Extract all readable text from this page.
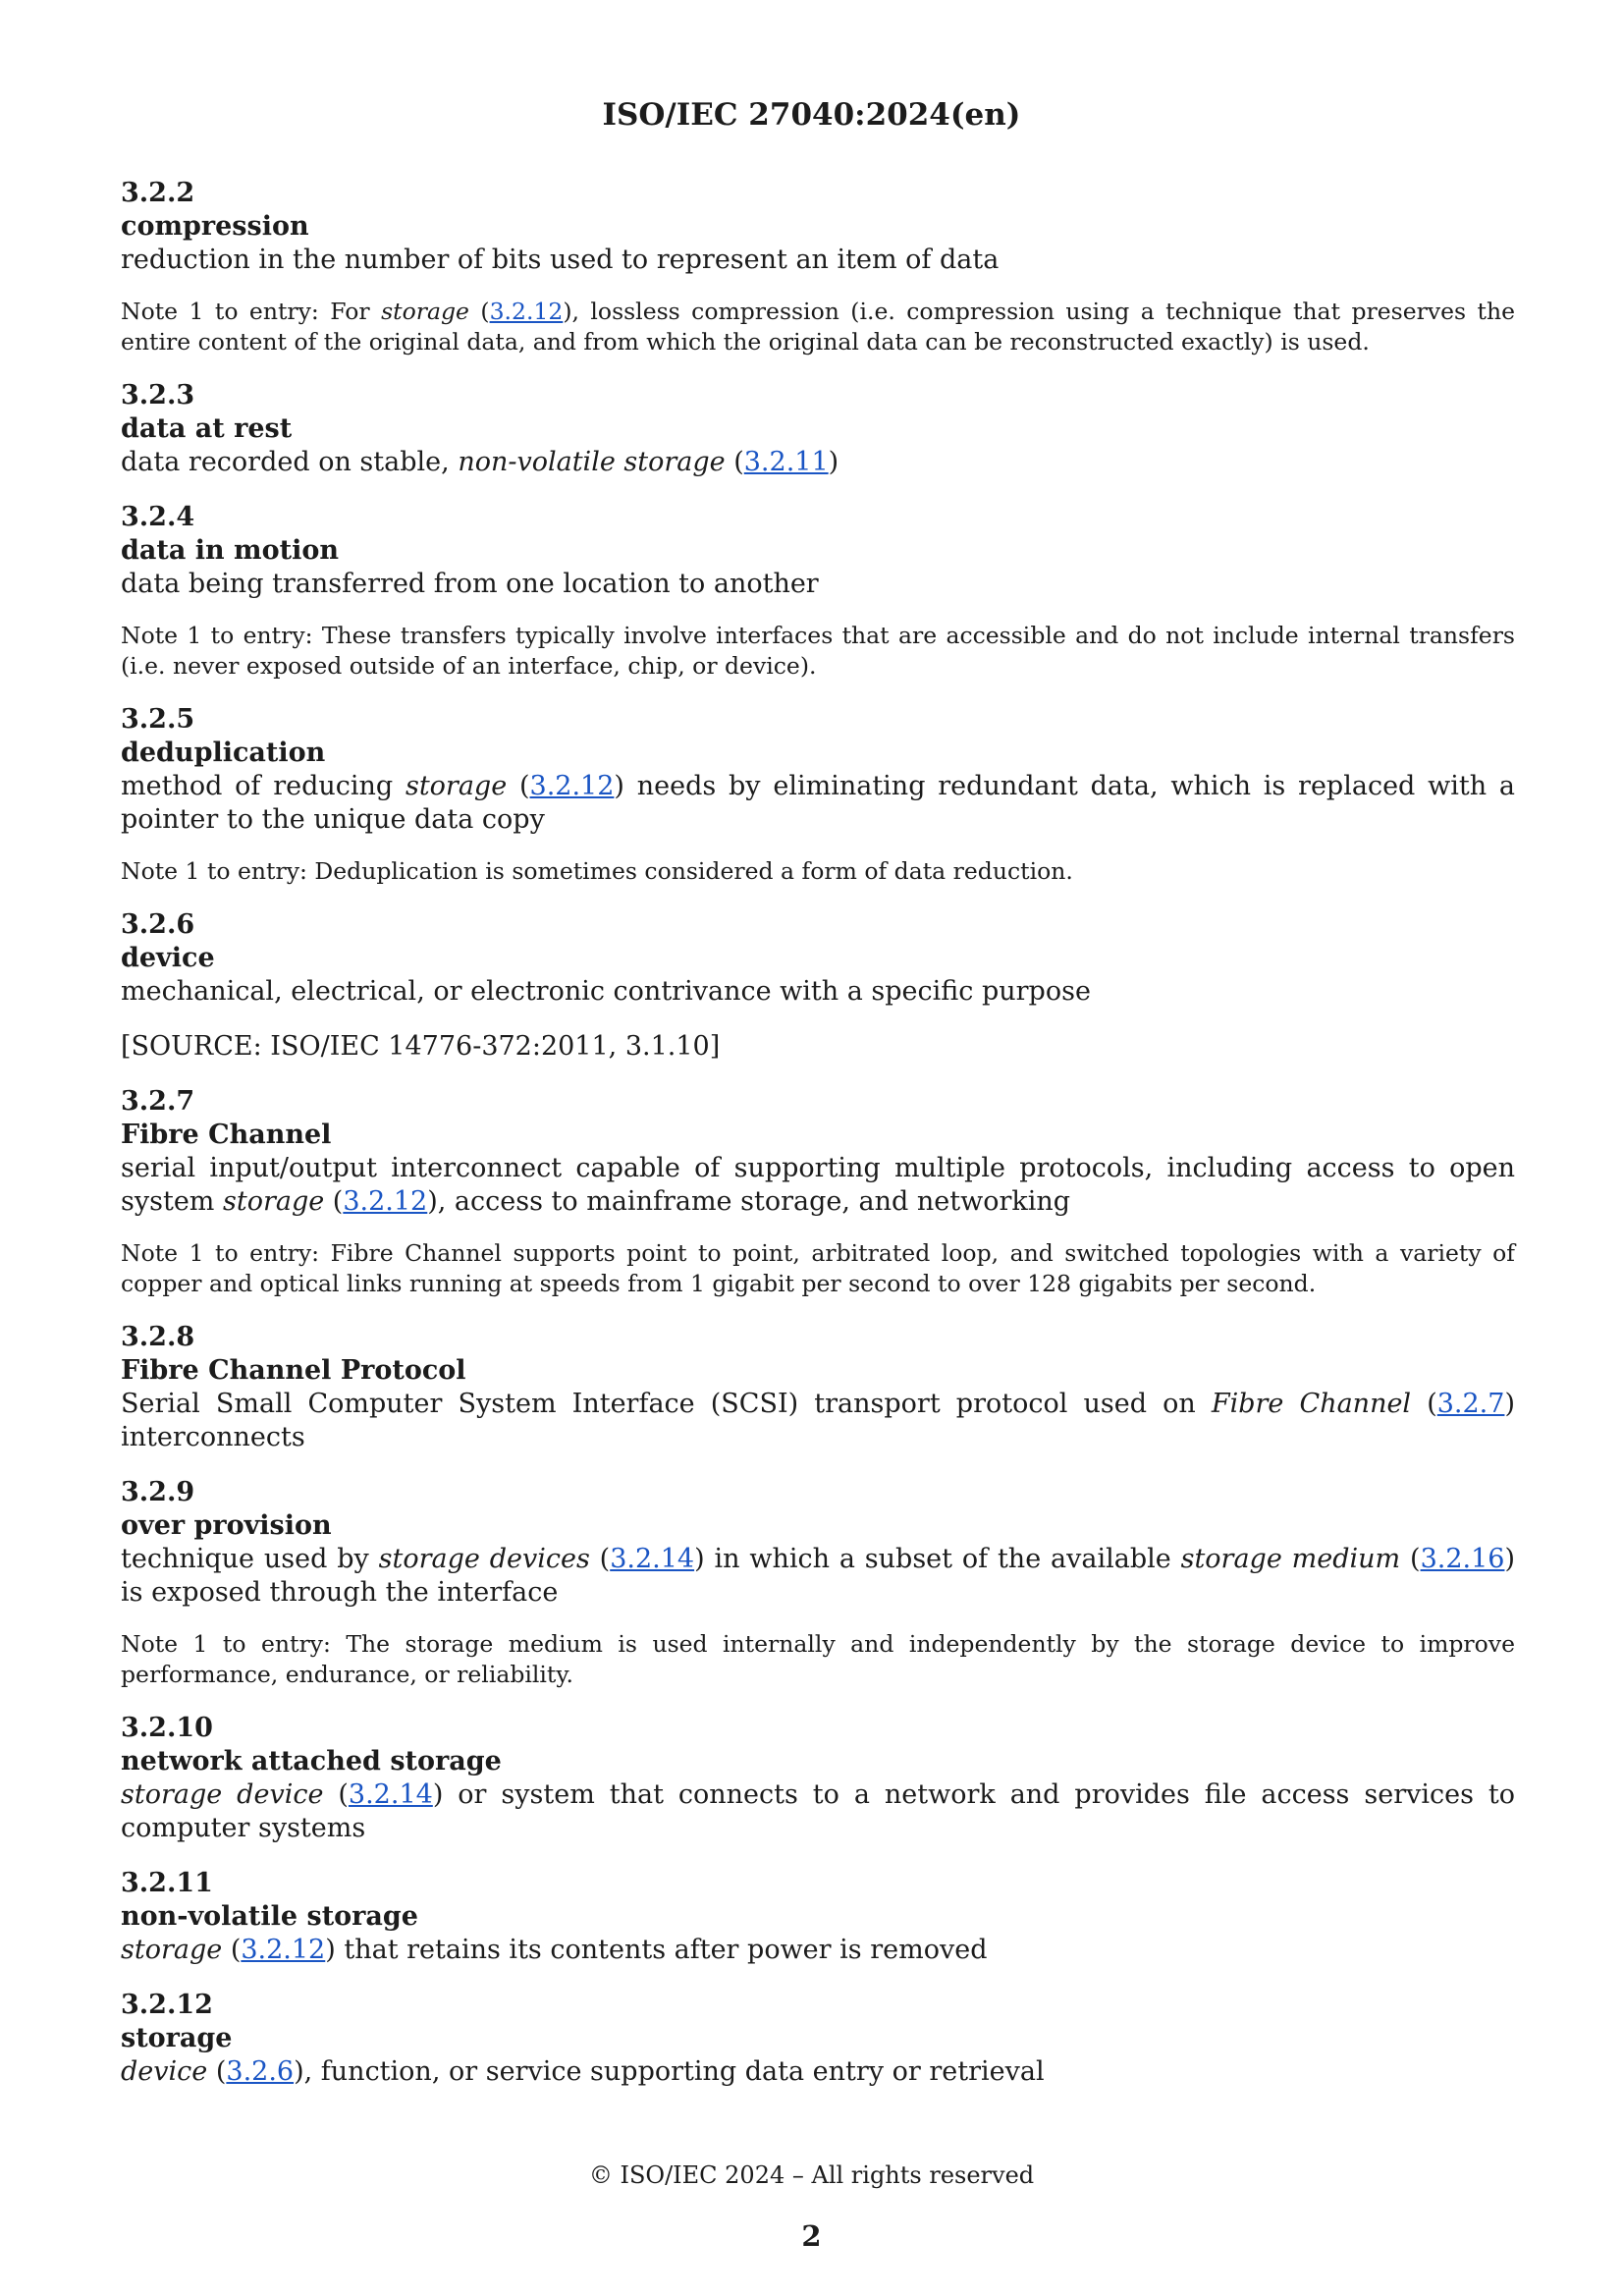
ISO/IEC 27040:2024(en)
3.2.2
compression
reduction in the number of bits used to represent an item of data
Note 1 to entry: For storage (3.2.12), lossless compression (i.e. compression using a technique that preserves the entire content of the original data, and from which the original data can be reconstructed exactly) is used.
3.2.3
data at rest
data recorded on stable, non-volatile storage (3.2.11)
3.2.4
data in motion
data being transferred from one location to another
Note 1 to entry: These transfers typically involve interfaces that are accessible and do not include internal transfers (i.e. never exposed outside of an interface, chip, or device).
3.2.5
deduplication
method of reducing storage (3.2.12) needs by eliminating redundant data, which is replaced with a pointer to the unique data copy
Note 1 to entry: Deduplication is sometimes considered a form of data reduction.
3.2.6
device
mechanical, electrical, or electronic contrivance with a specific purpose
[SOURCE: ISO/IEC 14776-372:2011, 3.1.10]
3.2.7
Fibre Channel
serial input/output interconnect capable of supporting multiple protocols, including access to open system storage (3.2.12), access to mainframe storage, and networking
Note 1 to entry: Fibre Channel supports point to point, arbitrated loop, and switched topologies with a variety of copper and optical links running at speeds from 1 gigabit per second to over 128 gigabits per second.
3.2.8
Fibre Channel Protocol
Serial Small Computer System Interface (SCSI) transport protocol used on Fibre Channel (3.2.7) interconnects
3.2.9
over provision
technique used by storage devices (3.2.14) in which a subset of the available storage medium (3.2.16) is exposed through the interface
Note 1 to entry: The storage medium is used internally and independently by the storage device to improve performance, endurance, or reliability.
3.2.10
network attached storage
storage device (3.2.14) or system that connects to a network and provides file access services to computer systems
3.2.11
non-volatile storage
storage (3.2.12) that retains its contents after power is removed
3.2.12
storage
device (3.2.6), function, or service supporting data entry or retrieval
© ISO/IEC 2024 – All rights reserved
2
